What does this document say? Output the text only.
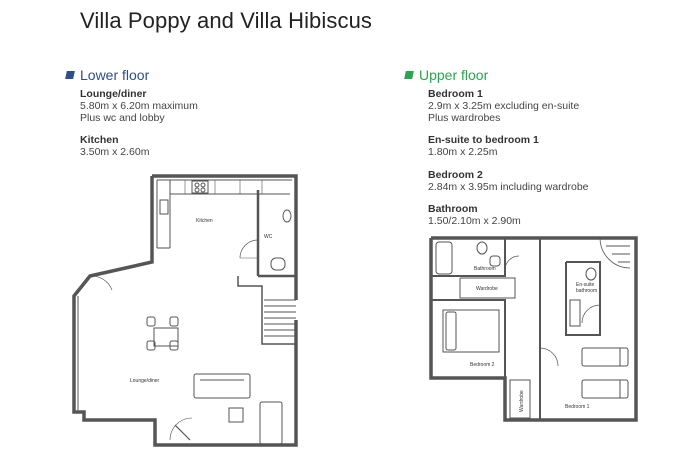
Villa Poppy and Villa Hibiscus
Lower floor
Lounge/diner
5.80m x 6.20m maximum
Plus wc and lobby
Kitchen
3.50m x 2.60m
Upper floor
Bedroom 1
2.9m x 3.25m excluding en-suite
Plus wardrobes
En-suite to bedroom 1
1.80m x 2.25m
Bedroom 2
2.84m x 3.95m including wardrobe
Bathroom
1.50/2.10m x 2.90m
Kitchen
WC
Lounge/diner
Bathroom
Wardrobe
En-suite
bathroom
Bedroom 2
Bedroom 1
Wardrobe
